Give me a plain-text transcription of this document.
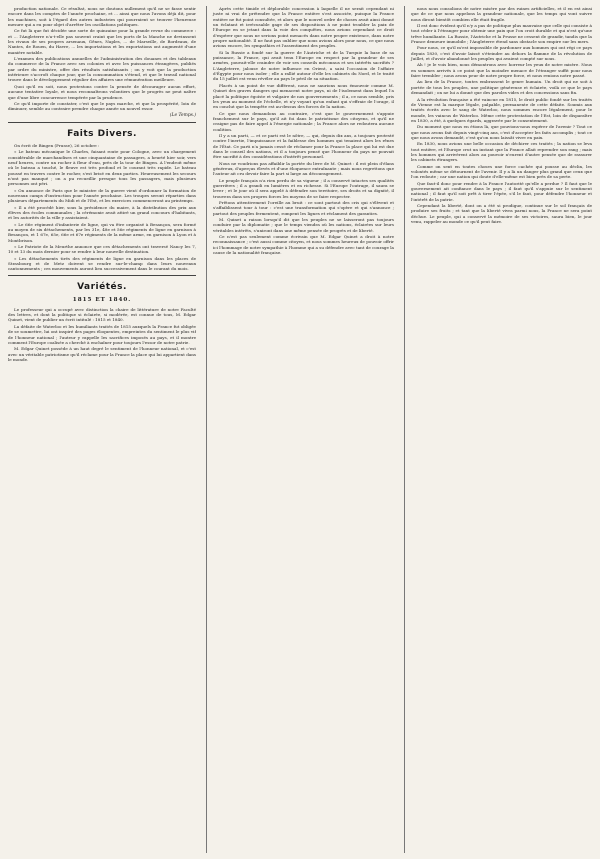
production nationale. Ce résultat, nous ne doutons nullement qu'il ne se fasse sentir encore dans les comptes de l'année prochaine, et ... ainsi que nous l'avons déjà dit, pour les machines, soit à l'égard des autres industries qui pourraient se trouver l'heureuse mesure qui a eu pour objet d'arrêter les oscillations politiques.

Ce fut là que fut décidée une sorte de quinzaine pour la grande revue du commerce : et ... l'Angleterre n'a-t-elle pas souvent craint que les ports de la Manche ne devinssent les rivaux de ses propres arsenaux, Gênes, Naples, ... de Marseille, de Bordeaux, de Nantes, de Rouen, du Havre, ... les importations et les exportations ont augmenté d'une manière notable.

L'examen des publications annuelles de l'administration des douanes et des tableaux du commerce de la France avec ses colonies et avec les puissances étrangères, publiés par ordre du ministre, offre des résultats satisfaisants ; on y voit que la production intérieure s'accroît chaque jour, que la consommation s'étend, et que le travail national trouve dans le développement régulier des affaires une rémunération meilleure.

Quoi qu'il en soit, nous protestons contre la pensée de décourager aucun effort, aucune tentative loyale, et nous reconnaîtrons volontiers que le progrès ne peut naître que d'une libre concurrence tempérée par la prudence.

Ce qu'il importe de constater, c'est que le pays marche, et que la prospérité, loin de diminuer, semble au contraire prendre chaque année un nouvel essor.

(Le Temps.)
Faits Divers.

On écrit de Bingen (Prusse), 26 octobre :

« Le bateau mécanique le Charles, faisant route pour Cologne, avec un chargement considérable de marchandises et une cinquantaine de passagers, a heurté hier soir, vers neuf heures, contre un rocher à fleur d'eau, près de la tour de Bingen. A l'endroit même où le bateau a touché, le fleuve est très profond et le courant très rapide. Le bateau poussé en travers contre le rocher, s'est brisé en deux parties. Heureusement les secours n'ont pas manqué ; on a pu recueillir presque tous les passagers, mais plusieurs personnes ont péri.

« On annonce de Paris que le ministre de la guerre vient d'ordonner la formation de nouveaux camps d'instruction pour l'année prochaine. Les troupes seront réparties dans plusieurs départements du Midi et de l'Est, et les exercices commenceront au printemps.

« Il a été procédé hier, sous la présidence du maire, à la distribution des prix aux élèves des écoles communales ; la cérémonie avait attiré un grand concours d'habitants, et les autorités de la ville y assistaient.

« Le 66e régiment d'infanterie de ligne, qui va être organisé à Besançon, sera formé au moyen de six détachements, par les 31e, 48e et 56e régiments de ligne en garnison à Besançon, et 1 67e, 65e, 66e et 67e régiments de la même arme, en garnison à Lyon et à Montbrison.

« Le Patriote de la Meurthe annonce que ces détachements ont traversé Nancy les 7, 10 et 13 du mois dernier pour se rendre à leur nouvelle destination.

« Les détachements tirés des régiments de ligne en garnison dans les places de Strasbourg et de Metz doivent se rendre sur-le-champ dans leurs nouveaux cantonnements ; ces mouvements auront lieu successivement dans le courant du mois.

Variétés.
1815 ET 1840.

Le professeur qui a occupé avec distinction la chaire de littérature de notre Faculté des lettres, et dont la politique si éclairée, si modérée, est connue de tous, M. Edgar Quinet, vient de publier un écrit intitulé : 1815 et 1840.

La défaite de Waterloo et les humiliants traités de 1815 auxquels la France fut obligée de se soumettre, lui ont inspiré des pages éloquentes, empreintes du sentiment le plus vif de l'honneur national ; l'auteur y rappelle les sacrifices imposés au pays, et il montre comment l'Europe coalisée a cherché à enchaîner pour toujours l'essor de notre patrie.

M. Edgar Quinet possède à un haut degré le sentiment de l'honneur national, et c'est avec un véritable patriotisme qu'il réclame pour la France la place qui lui appartient dans le monde.

Après cette timide et déplorable concession à laquelle il ne serait cependant ni juste ni vrai de prétendre que la France entière s'est associée, puisque la France entière ne fut point consultée, et alors que le nouvel ordre de choses avait ainsi donné un éclatant et irrécusable gage de ses dispositions à ne point troubler la paix de l'Europe en se jetant dans la voie des conquêtes, nous avions cependant ce droit d'espérer que nous ne serions point menacés dans notre propre existence, dans notre propre nationalité. Il ne faut pas oublier que nous avions alors pour nous, ce que nous avions encore, les sympathies et l'assentiment des peuples.

Si la Russie a fondé sur la guerre de l'Autriche et de la Turquie la base de sa puissance, la France, qui avait tenu l'Europe en respect par la grandeur de ses armées, pouvait-elle craindre de voir ses conseils méconnus et ses intérêts sacrifiés ? L'Angleterre, jalouse de notre influence en Orient, a saisi l'occasion de l'affaire d'Égypte pour nous isoler ; elle a rallié autour d'elle les cabinets du Nord, et le traité du 15 juillet est venu révéler au pays le péril de sa situation.

Placés à un point de vue différent, nous ne saurions nous émouvoir comme M. Quinet des graves dangers qui menacent notre pays, ni de l'isolement dans lequel l'a placé la politique égoïste et vulgaire de nos gouvernements ; il a, ce nous semble, pris les yeux au moment de l'échelle, et n'y voyant qu'un enfant qui s'effraie de l'orage, il en conclut que la tempête est au-dessus des forces de la nation.

Ce que nous demandons au contraire, c'est que le gouvernement s'appuie franchement sur le pays, qu'il ait foi dans le patriotisme des citoyens, et qu'il ne craigne pas de faire appel à l'énergie nationale ; la France alors ne redoutera aucune coalition.

Il y a un parti, — et ce parti est le nôtre, — qui, depuis dix ans, a toujours protesté contre l'inertie, l'impuissance et la faiblesse des hommes qui tenaient alors les rênes de l'État. Ce parti n'a jamais cessé de réclamer pour la France la place qui lui est due dans le conseil des nations, et il a toujours pensé que l'honneur du pays ne pouvait être sacrifié à des considérations d'intérêt personnel.

Nous ne voudrions pas affaiblir la portée du livre de M. Quinet : il est plein d'élans généreux, d'aperçus élevés et d'une éloquence entraînante ; mais nous regrettons que l'auteur ait cru devoir faire la part si large au découragement.

Le peuple français n'a rien perdu de sa vigueur ; il a conservé intactes ses qualités guerrières ; il a grandi en lumières et en richesse. Si l'Europe l'outrage, il saura se lever ; et le jour où il sera appelé à défendre son territoire, ses droits et sa dignité, il trouvera dans ses propres forces les moyens de se faire respecter.

Prêtons attentivement l'oreille au bruit : ce sont partout des cris qui s'élèvent et s'affaiblissent tour à tour : c'est une transformation qui s'opère et qui s'annonce ; partout des peuples fermentent, rompent les lignes et réclament des garanties.

M. Quinet a raison lorsqu'il dit que les peuples ne se laisseront pas toujours conduire par la diplomatie ; que le temps viendra où les nations, éclairées sur leurs véritables intérêts, s'uniront dans une même pensée de progrès et de liberté.

Ce n'est pas seulement comme écrivain que M. Edgar Quinet a droit à notre reconnaissance ; c'est aussi comme citoyen, et nous sommes heureux de pouvoir offrir ici l'hommage de notre sympathie à l'homme qui a su défendre avec tant de courage la cause de la nationalité française.

nous nous consolions de notre misère par des ruines artificielles, et il en est ainsi que de ce que nous appelons la grandeur nationale, que les temps qui vont suivre nous diront bientôt combien elle était fragile.

Il est donc évident qu'il n'y a pas de politique plus mauvaise que celle qui consiste à tout céder à l'étranger pour obtenir une paix que l'on croit durable et qui n'est qu'une trêve humiliante. La Russie, l'Autriche et la Prusse ne cessent de grandir, tandis que la France demeure immobile ; l'Angleterre étend sans obstacle son empire sur les mers.

Pour nous, ce qu'il m'est impossible de pardonner aux hommes qui ont régi ce pays depuis 1830, c'est d'avoir laissé s'éteindre au dehors la flamme de la révolution de Juillet, et d'avoir abandonné les peuples qui avaient compté sur nous.

Ah ! je le vois bien, nous démontrons avec horreur les yeux de notre misère. Nous en sommes arrivés à ce point que la moindre menace de l'étranger suffit pour nous faire trembler ; nous avons peur de notre propre force, et nous renions notre passé.

Au lieu de la France, toutes embrassent le genre humain. Un droit qui ne soit à portée de tous les peuples, une politique généreuse et éclairée, voilà ce que le pays demandait ; on ne lui a donné que des paroles vides et des concessions sans fin.

A la révolution française a été vaincue en 1815, le droit public fondé sur les traités de Vienne est la marque légale, palpable, permanente de cette défaite. Soumis aux traités écrits avec le sang de Waterloo, nous sommes encore légalement, pour le monde, les vaincus de Waterloo. Même cette protestation de l'Est, loin de disparaître en 1830, a été, à quelques égards, aggravée par le consentement.

Du moment que nous en étions là, que pouvions-nous espérer de l'avenir ? Tout ce que nous avons fait depuis vingt-cinq ans, c'est d'accepter les faits accomplis ; tout ce que nous avons demandé, c'est qu'on nous laissât vivre en paix.

En 1830, nous avions une belle occasion de déchirer ces traités ; la nation se leva tout entière, et l'Europe crut un instant que la France allait reprendre son rang ; mais les hommes qui arrivèrent alors au pouvoir n'eurent d'autre pensée que de rassurer les cabinets étrangers.

Comme on sent en toutes choses une force cachée qui pousse au déclin, les volontés même se détournent de l'avenir. Il y a là un danger plus grand que ceux que l'on redoute ; car une nation qui doute d'elle-même est bien près de sa perte.

Que faut-il donc pour rendre à la France l'autorité qu'elle a perdue ? Il faut que le gouvernement ait confiance dans le pays ; il faut qu'il s'appuie sur le sentiment national ; il faut qu'il soit prêt à tirer l'épée, s'il le faut, pour défendre l'honneur et l'intérêt de la patrie.

Cependant la liberté, dont on a été si prodigue, continue sur le sol français de produire ses fruits ; et tant que la liberté vivra parmi nous, la France ne sera point déchue. Le peuple, qui a conservé la mémoire de ses victoires, saura bien, le jour venu, rappeler au monde ce qu'il peut faire.
